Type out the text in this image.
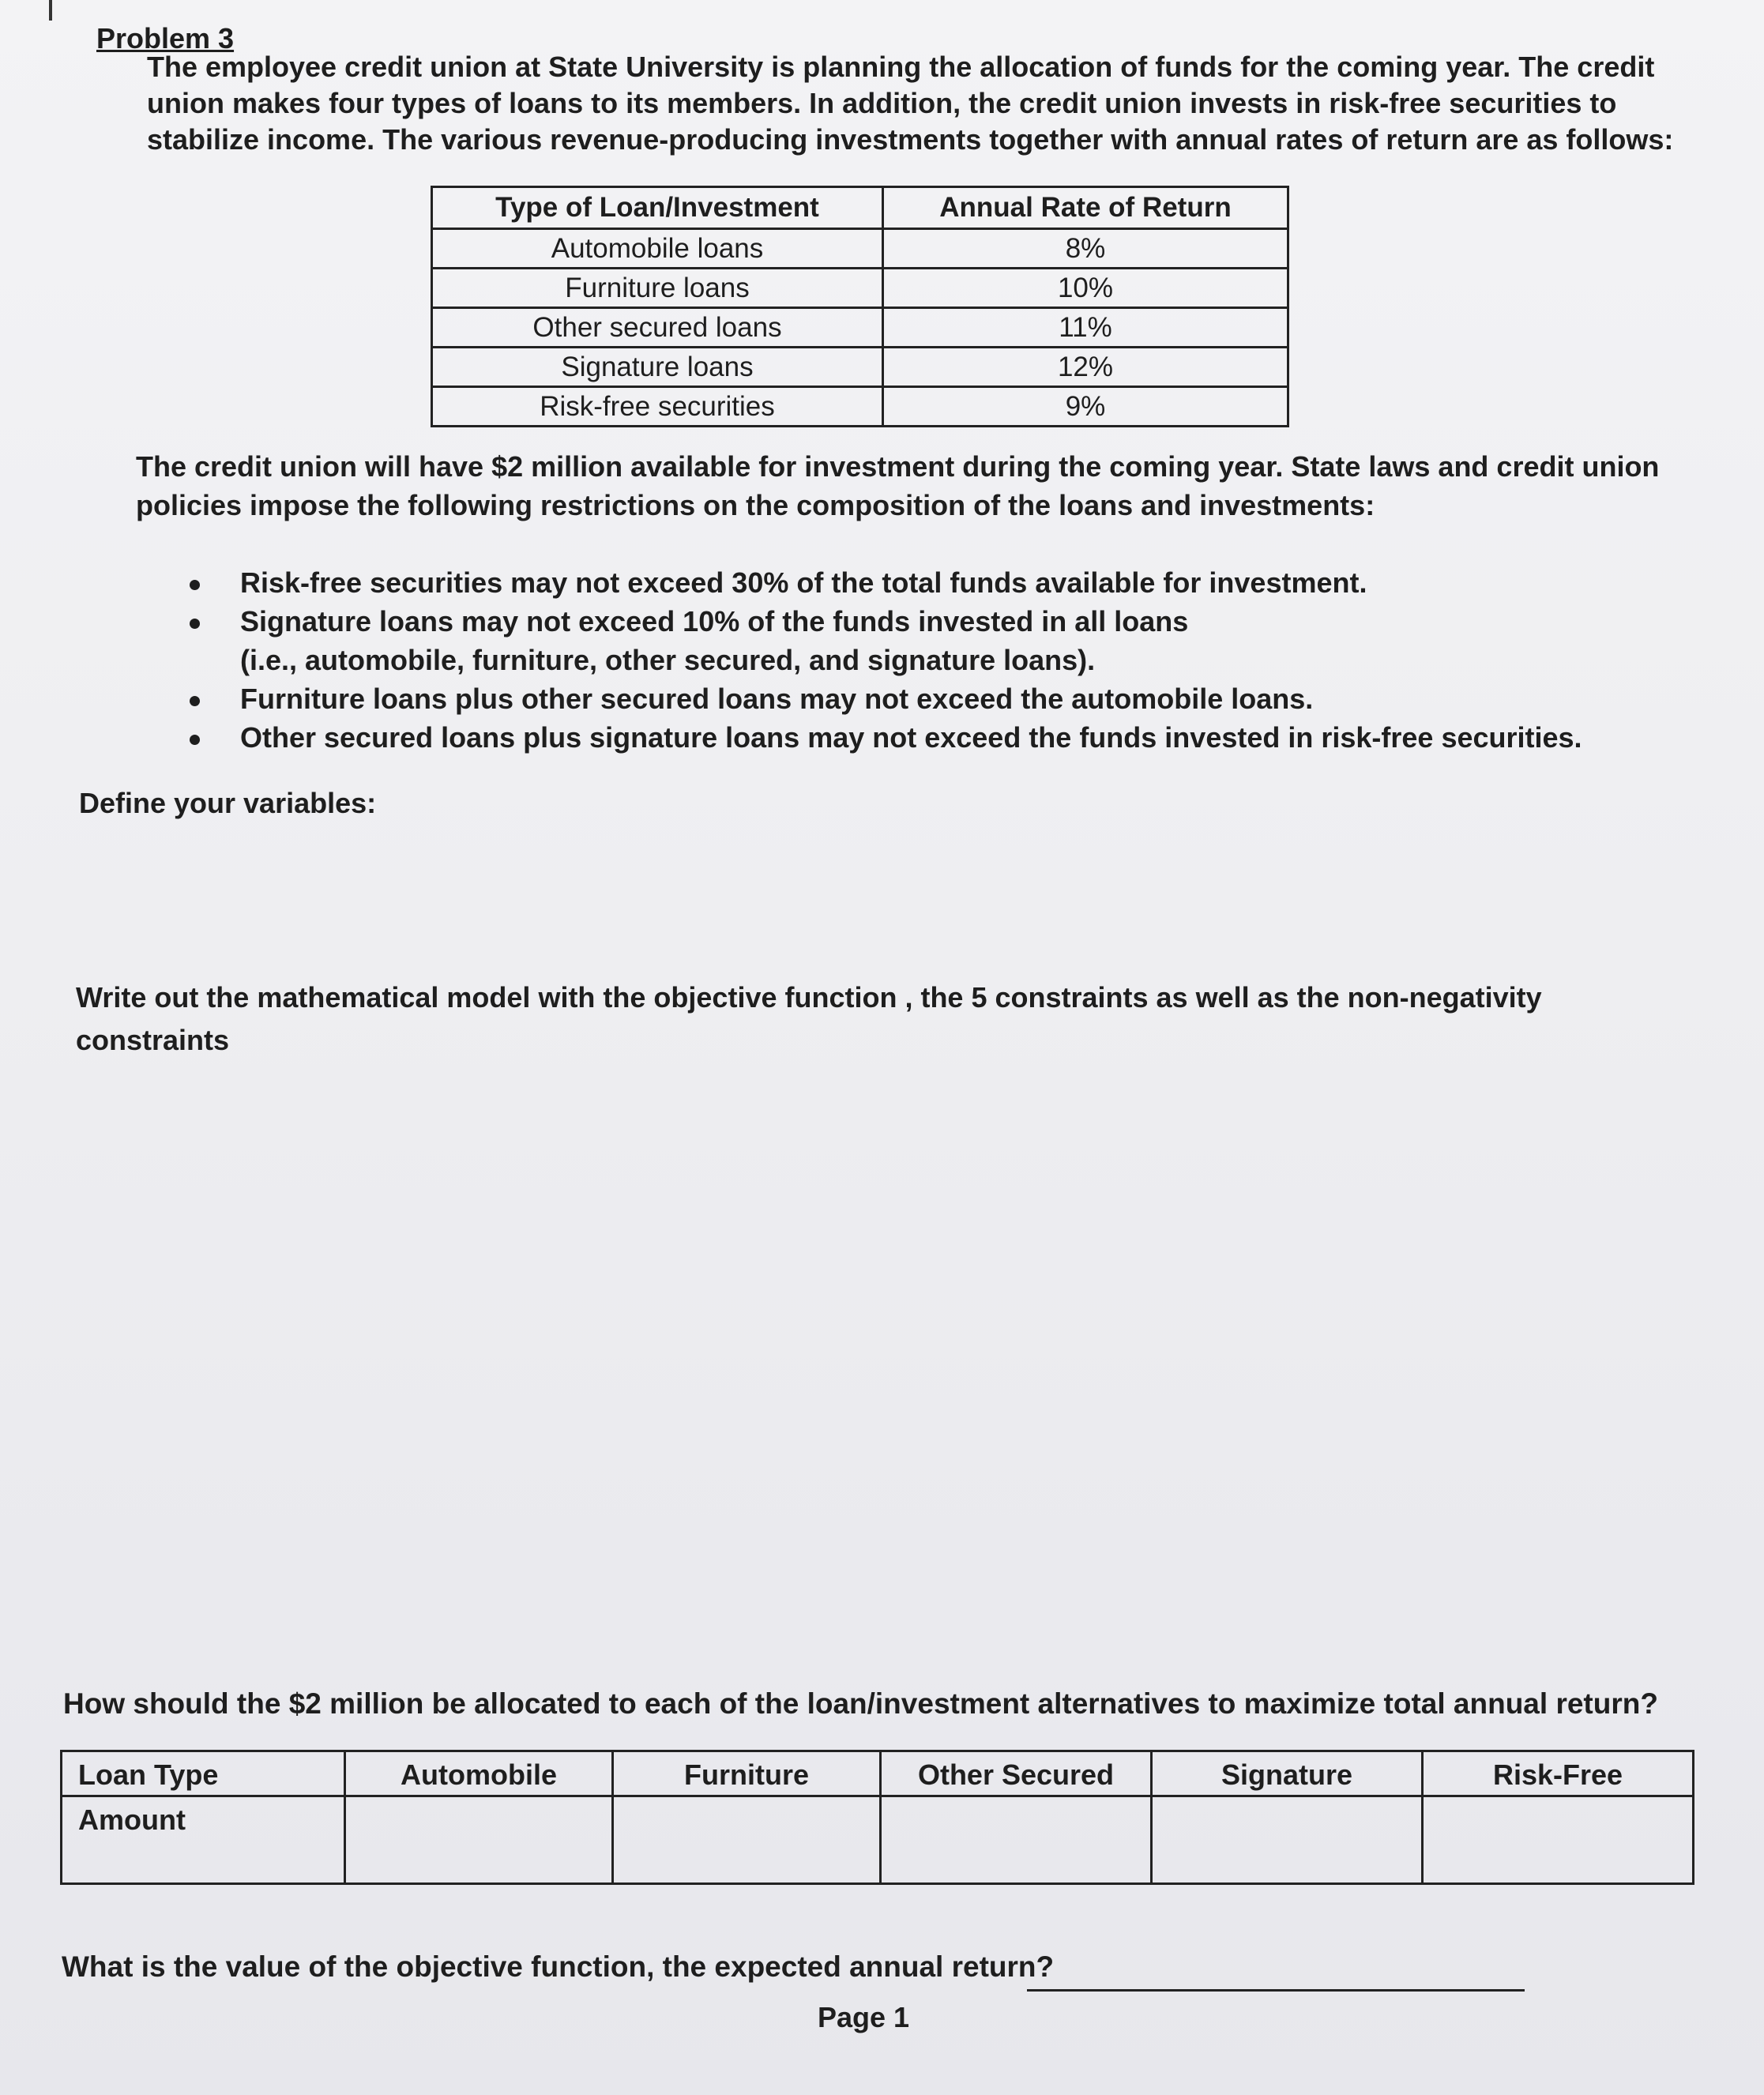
Problem 3
The employee credit union at State University is planning the allocation of funds for the coming year. The credit
union makes four types of loans to its members. In addition, the credit union invests in risk-free securities to
stabilize income. The various revenue-producing investments together with annual rates of return are as follows:
Type of Loan/Investment	Annual Rate of Return
Automobile loans	8%
Furniture loans	10%
Other secured loans	11%
Signature loans	12%
Risk-free securities	9%
The credit union will have $2 million available for investment during the coming year. State laws and credit union
policies impose the following restrictions on the composition of the loans and investments:
Risk-free securities may not exceed 30% of the total funds available for investment.
Signature loans may not exceed 10% of the funds invested in all loans
(i.e., automobile, furniture, other secured, and signature loans).
Furniture loans plus other secured loans may not exceed the automobile loans.
Other secured loans plus signature loans may not exceed the funds invested in risk-free securities.
Define your variables:
Write out the mathematical model with the objective function , the 5 constraints as well as the non-negativity
constraints
How should the $2 million be allocated to each of the loan/investment alternatives to maximize total annual return?
Loan Type	Automobile	Furniture	Other Secured	Signature	Risk-Free
Amount					
What is the value of the objective function, the expected annual return?
Page 1
